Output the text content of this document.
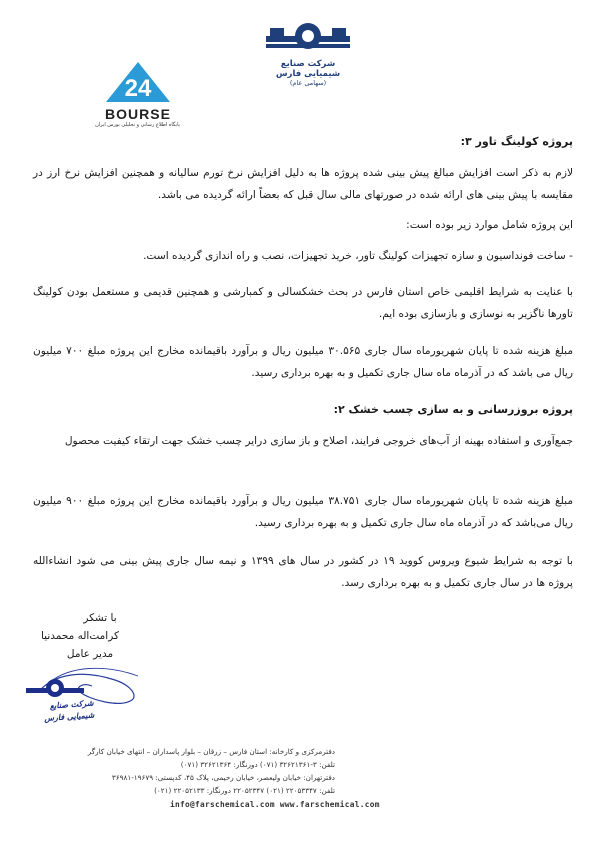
شرکت صنایع شیمیایی فارس
(سهامی عام)
24
BOURSE
پایگاه اطلاع رسانی و تحلیلی بورس ایران
پروژه کولینگ تاور ۳:
لازم به ذکر است افزایش مبالغ پیش بینی شده پروژه ها به دلیل افزایش نرخ تورم سالیانه و همچنین افزایش نرخ ارز در مقایسه با پیش بینی های ارائه شده در صورتهای مالی سال قبل که بعضاً ارائه گردیده می باشد.
این پروژه شامل موارد زیر بوده است:
- ساخت فونداسیون و سازه تجهیزات کولینگ تاور، خرید تجهیزات، نصب و راه اندازی گردیده است.
با عنایت به شرایط اقلیمی خاص استان فارس در بحث خشکسالی و کمبارشی و همچنین قدیمی و مستعمل بودن کولینگ تاورها ناگزیر به نوسازی و بازسازی بوده ایم.
مبلغ هزینه شده تا پایان شهریورماه سال جاری ۳۰.۵۶۵ میلیون ریال و برآورد باقیمانده مخارج این پروژه مبلغ ۷۰۰ میلیون ریال می باشد که در آذرماه ماه سال جاری تکمیل و به بهره برداری رسید.
پروژه بروزرسانی و به سازی چسب خشک ۲:
جمع‌آوری و استفاده بهینه از آب‌های خروجی فرایند، اصلاح و باز سازی درایر چسب خشک جهت ارتقاء کیفیت محصول
مبلغ هزینه شده تا پایان شهریورماه سال جاری ۳۸.۷۵۱ میلیون ریال و برآورد باقیمانده مخارج این پروژه مبلغ ۹۰۰ میلیون ریال می‌باشد که در آذرماه ماه سال جاری تکمیل و به بهره برداری رسید.
با توجه به شرایط شیوع ویروس کووید ۱۹ در کشور در سال های ۱۳۹۹ و نیمه سال جاری پیش بینی می شود انشاءالله پروژه ها در سال جاری تکمیل و به بهره برداری رسد.
با تشکر
کرامت‌اله محمدنیا
مدیر عامل
شرکت صنایع شیمیایی فارس
دفترمرکزی و کارخانه: استان فارس – زرقان – بلوار پاسداران – انتهای خیابان کارگر
تلفن: ۳-۳۲۶۲۱۳۶۱ (۰۷۱) دورنگار: ۳۲۶۲۱۳۶۴ (۰۷۱)
دفترتهران: خیابان ولیعصر، خیابان رحیمی، پلاک ۴۵، کدپستی: ۱۹۶۷۹-۳۶۹۸۱
تلفن: ۲۲۰۵۳۳۴۷ (۰۲۱) ۲۲۰۵۲۳۴۷ دورنگار: ۲۲۰۵۲۱۳۳ (۰۲۱)
info@farschemical.com www.farschemical.com
